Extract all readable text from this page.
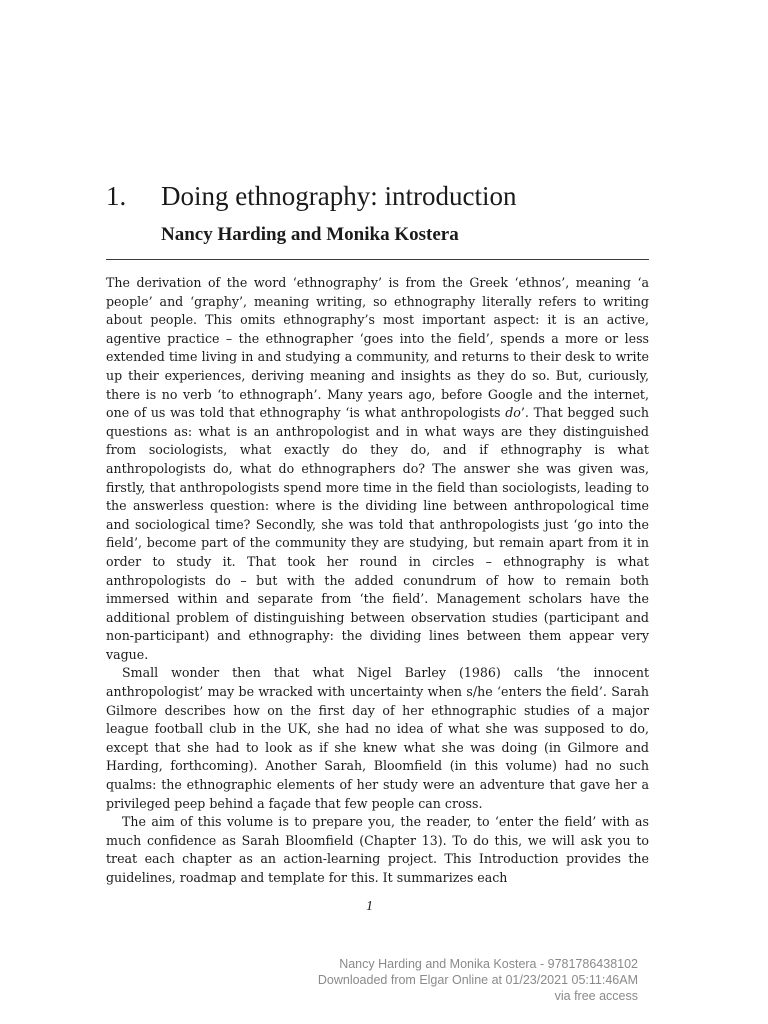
1. Doing ethnography: introduction
Nancy Harding and Monika Kostera

The derivation of the word ‘ethnography’ is from the Greek ‘ethnos’, meaning ‘a people’ and ‘graphy’, meaning writing, so ethnography literally refers to writing about people. This omits ethnography’s most important aspect: it is an active, agentive practice – the ethnographer ‘goes into the field’, spends a more or less extended time living in and studying a community, and returns to their desk to write up their experiences, deriving meaning and insights as they do so. But, curiously, there is no verb ‘to ethnograph’. Many years ago, before Google and the internet, one of us was told that ethnography ‘is what anthropologists do’. That begged such questions as: what is an anthropologist and in what ways are they distinguished from sociologists, what exactly do they do, and if ethnography is what anthropologists do, what do ethnographers do? The answer she was given was, firstly, that anthropologists spend more time in the field than sociologists, leading to the answerless question: where is the dividing line between anthropological time and sociological time? Secondly, she was told that anthropologists just ‘go into the field’, become part of the community they are studying, but remain apart from it in order to study it. That took her round in circles – ethnography is what anthropologists do – but with the added conundrum of how to remain both immersed within and separate from ‘the field’. Management scholars have the additional problem of distinguishing between observation studies (participant and non-participant) and ethnography: the dividing lines between them appear very vague.

Small wonder then that what Nigel Barley (1986) calls ‘the innocent anthropologist’ may be wracked with uncertainty when s/he ‘enters the field’. Sarah Gilmore describes how on the first day of her ethnographic studies of a major league football club in the UK, she had no idea of what she was supposed to do, except that she had to look as if she knew what she was doing (in Gilmore and Harding, forthcoming). Another Sarah, Bloomfield (in this volume) had no such qualms: the ethnographic elements of her study were an adventure that gave her a privileged peep behind a façade that few people can cross.

The aim of this volume is to prepare you, the reader, to ‘enter the field’ with as much confidence as Sarah Bloomfield (Chapter 13). To do this, we will ask you to treat each chapter as an action-learning project. This Introduction provides the guidelines, roadmap and template for this. It summarizes each

1
Nancy Harding and Monika Kostera - 9781786438102
Downloaded from Elgar Online at 01/23/2021 05:11:46AM
via free access
